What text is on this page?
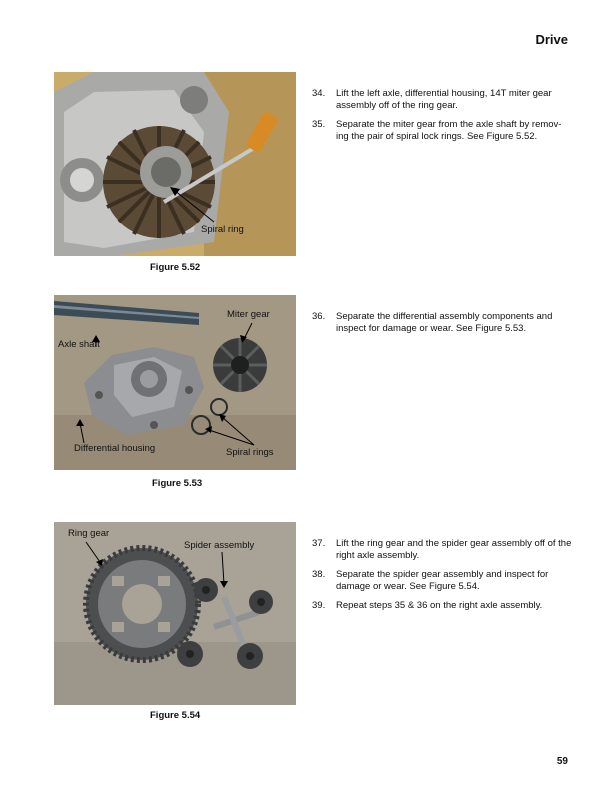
Drive
Spiral ring
Figure 5.52
34.	Lift the left axle, differential housing, 14T miter gear assembly off of the ring gear.
35.	Separate the miter gear from the axle shaft by remov- ing the pair of spiral lock rings. See Figure 5.52.
Miter gear
Axle shaft
Differential housing	Spiral rings
Figure 5.53
36.	Separate the differential assembly components and inspect for damage or wear. See Figure 5.53.
Ring gear
Spider assembly
Figure 5.54
37.	Lift the ring gear and the spider gear assembly off of the right axle assembly.
38.	Separate the spider gear assembly and inspect for damage or wear. See Figure 5.54.
39.	Repeat steps 35 & 36 on the right axle assembly.
59
